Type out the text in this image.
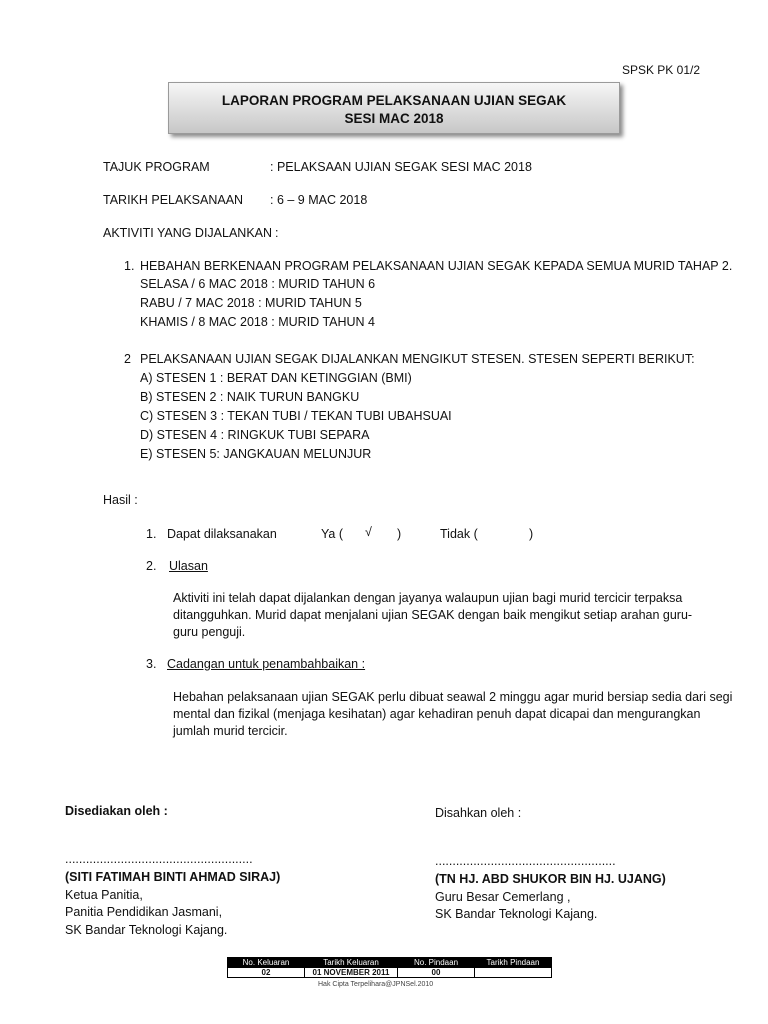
SPSK PK 01/2
LAPORAN PROGRAM PELAKSANAAN UJIAN SEGAK
SESI MAC 2018
TAJUK PROGRAM	: PELAKSAAN UJIAN SEGAK SESI MAC 2018
TARIKH PELAKSANAAN : 6 – 9 MAC 2018
AKTIVITI YANG DIJALANKAN :
1. HEBAHAN BERKENAAN PROGRAM PELAKSANAAN UJIAN SEGAK KEPADA SEMUA MURID TAHAP 2.
SELASA / 6 MAC 2018 : MURID TAHUN 6
RABU / 7 MAC 2018 : MURID TAHUN 5
KHAMIS / 8 MAC 2018 : MURID TAHUN 4
2 PELAKSANAAN UJIAN SEGAK DIJALANKAN MENGIKUT STESEN. STESEN SEPERTI BERIKUT:
A) STESEN 1 : BERAT DAN KETINGGIAN (BMI)
B) STESEN 2 : NAIK TURUN BANGKU
C) STESEN 3 : TEKAN TUBI / TEKAN TUBI UBAHSUAI
D) STESEN 4 : RINGKUK TUBI SEPARA
E) STESEN 5: JANGKAUAN MELUNJUR
Hasil :
1. Dapat dilaksanakan	Ya ( √ )	Tidak (	)
2. Ulasan
Aktiviti ini telah dapat dijalankan dengan jayanya walaupun ujian bagi murid tercicir terpaksa ditangguhkan. Murid dapat menjalani ujian SEGAK dengan baik mengikut setiap arahan guru-guru penguji.
3. Cadangan untuk penambahbaikan :
Hebahan pelaksanaan ujian SEGAK perlu dibuat seawal 2 minggu agar murid bersiap sedia dari segi mental dan fizikal (menjaga kesihatan) agar kehadiran penuh dapat dicapai dan mengurangkan jumlah murid tercicir.
Disediakan oleh :
......................................................
(SITI FATIMAH BINTI AHMAD SIRAJ)
Ketua Panitia,
Panitia Pendidikan Jasmani,
SK Bandar Teknologi Kajang.
Disahkan oleh :
....................................................
(TN HJ. ABD SHUKOR BIN HJ. UJANG)
Guru Besar Cemerlang ,
SK Bandar Teknologi Kajang.
No. Keluaran	Tarikh Keluaran	No. Pindaan	Tarikh Pindaan
02	01 NOVEMBER 2011	00	
Hak Cipta Terpelihara@JPNSel.2010
